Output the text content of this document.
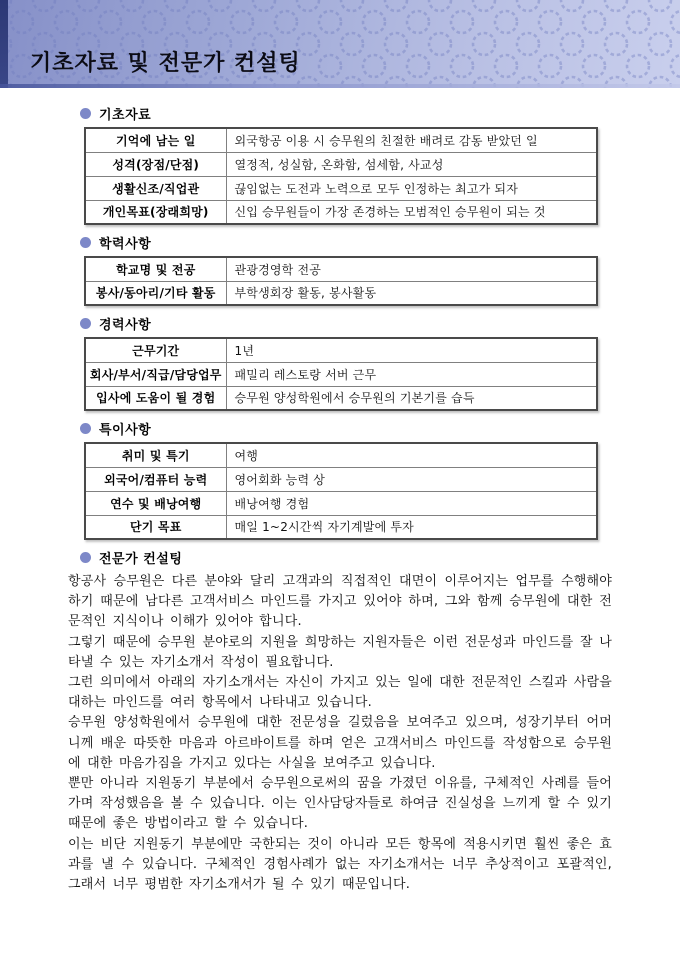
기초자료 및 전문가 컨설팅
기초자료
기억에 남는 일	외국항공 이용 시 승무원의 친절한 배려로 감동 받았던 일
성격(장점/단점)	열정적, 성실함, 온화함, 섬세함, 사교성
생활신조/직업관	끊임없는 도전과 노력으로 모두 인정하는 최고가 되자
개인목표(장래희망)	신입 승무원들이 가장 존경하는 모범적인 승무원이 되는 것
학력사항
학교명 및 전공	관광경영학 전공
봉사/동아리/기타 활동	부학생회장 활동, 봉사활동
경력사항
근무기간	1년
회사/부서/직급/담당업무	패밀리 레스토랑 서버 근무
입사에 도움이 될 경험	승무원 양성학원에서 승무원의 기본기를 습득
특이사항
취미 및 특기	여행
외국어/컴퓨터 능력	영어회화 능력 상
연수 및 배낭여행	배낭여행 경험
단기 목표	매일 1~2시간씩 자기계발에 투자
전문가 컨설팅

항공사 승무원은 다른 분야와 달리 고객과의 직접적인 대면이 이루어지는 업무를 수행해야하기 때문에 남다른 고객서비스 마인드를 가지고 있어야 하며, 그와 함께 승무원에 대한 전문적인 지식이나 이해가 있어야 합니다.

그렇기 때문에 승무원 분야로의 지원을 희망하는 지원자들은 이런 전문성과 마인드를 잘 나타낼 수 있는 자기소개서 작성이 필요합니다.

그런 의미에서 아래의 자기소개서는 자신이 가지고 있는 일에 대한 전문적인 스킬과 사람을 대하는 마인드를 여러 항목에서 나타내고 있습니다.

승무원 양성학원에서 승무원에 대한 전문성을 길렀음을 보여주고 있으며, 성장기부터 어머니께 배운 따뜻한 마음과 아르바이트를 하며 얻은 고객서비스 마인드를 작성함으로 승무원에 대한 마음가짐을 가지고 있다는 사실을 보여주고 있습니다.

뿐만 아니라 지원동기 부분에서 승무원으로써의 꿈을 가졌던 이유를, 구체적인 사례를 들어가며 작성했음을 볼 수 있습니다. 이는 인사담당자들로 하여금 진실성을 느끼게 할 수 있기 때문에 좋은 방법이라고 할 수 있습니다.

이는 비단 지원동기 부분에만 국한되는 것이 아니라 모든 항목에 적용시키면 훨씬 좋은 효과를 낼 수 있습니다. 구체적인 경험사례가 없는 자기소개서는 너무 추상적이고 포괄적인, 그래서 너무 평범한 자기소개서가 될 수 있기 때문입니다.
